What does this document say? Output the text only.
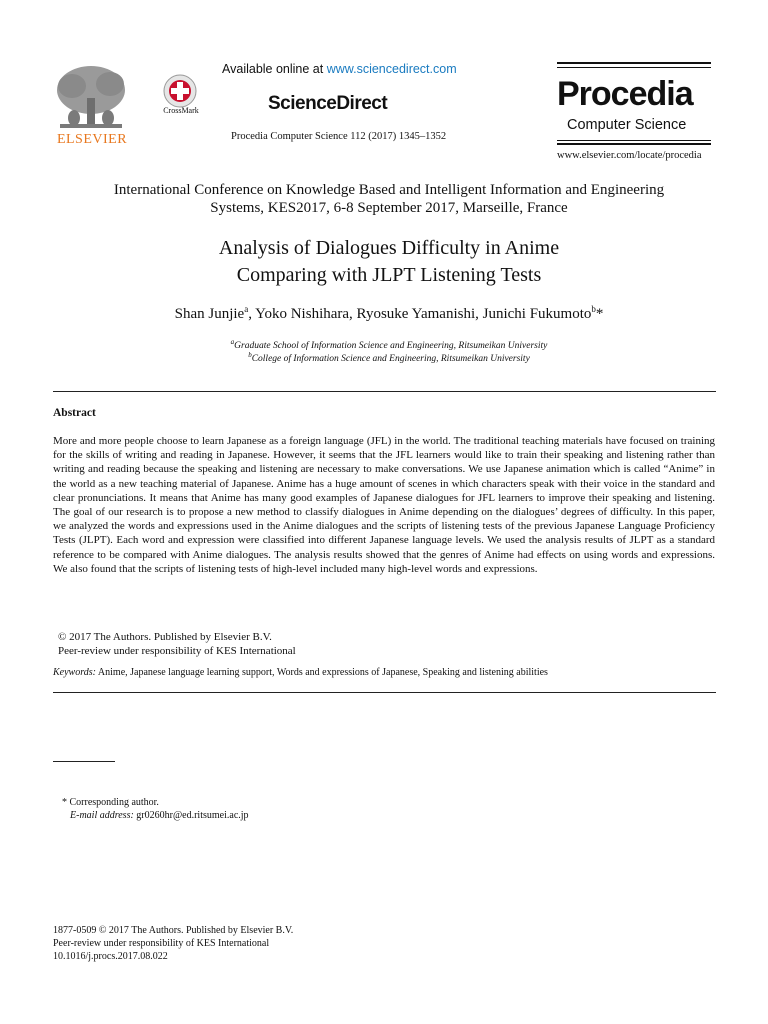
ELSEVIER
CrossMark
Available online at www.sciencedirect.com
ScienceDirect
Procedia Computer Science 112 (2017) 1345–1352
Procedia
Computer Science
www.elsevier.com/locate/procedia
International Conference on Knowledge Based and Intelligent Information and Engineering
Systems, KES2017, 6-8 September 2017, Marseille, France
Analysis of Dialogues Difficulty in Anime
Comparing with JLPT Listening Tests
Shan Junjie$^a$, Yoko Nishihara, Ryosuke Yamanishi, Junichi Fukumoto$^b$*
$^a$Graduate School of Information Science and Engineering, Ritsumeikan University
$^b$College of Information Science and Engineering, Ritsumeikan University
Abstract
More and more people choose to learn Japanese as a foreign language (JFL) in the world. The traditional teaching materials have focused on training for the skills of writing and reading in Japanese. However, it seems that the JFL learners would like to train their speaking and listening rather than writing and reading because the speaking and listening are necessary to make conversations. We use Japanese animation which is called “Anime” in the world as a new teaching material of Japanese. Anime has a huge amount of scenes in which characters speak with their voice in the standard and clear pronunciations. It means that Anime has many good examples of Japanese dialogues for JFL learners to improve their speaking and listening. The goal of our research is to propose a new method to classify dialogues in Anime depending on the dialogues’ degrees of difficulty. In this paper, we analyzed the words and expressions used in the Anime dialogues and the scripts of listening tests of the previous Japanese Language Proficiency Tests (JLPT). Each word and expression were classified into different Japanese language levels. We used the analysis results of JLPT as a standard reference to be compared with Anime dialogues. The analysis results showed that the genres of Anime had effects on using words and expressions. We also found that the scripts of listening tests of high-level included many high-level words and expressions.
© 2017 The Authors. Published by Elsevier B.V.
Peer-review under responsibility of KES International
Keywords: Anime, Japanese language learning support, Words and expressions of Japanese, Speaking and listening abilities
* Corresponding author.
E-mail address: gr0260hr@ed.ritsumei.ac.jp
1877-0509 © 2017 The Authors. Published by Elsevier B.V.
Peer-review under responsibility of KES International
10.1016/j.procs.2017.08.022
